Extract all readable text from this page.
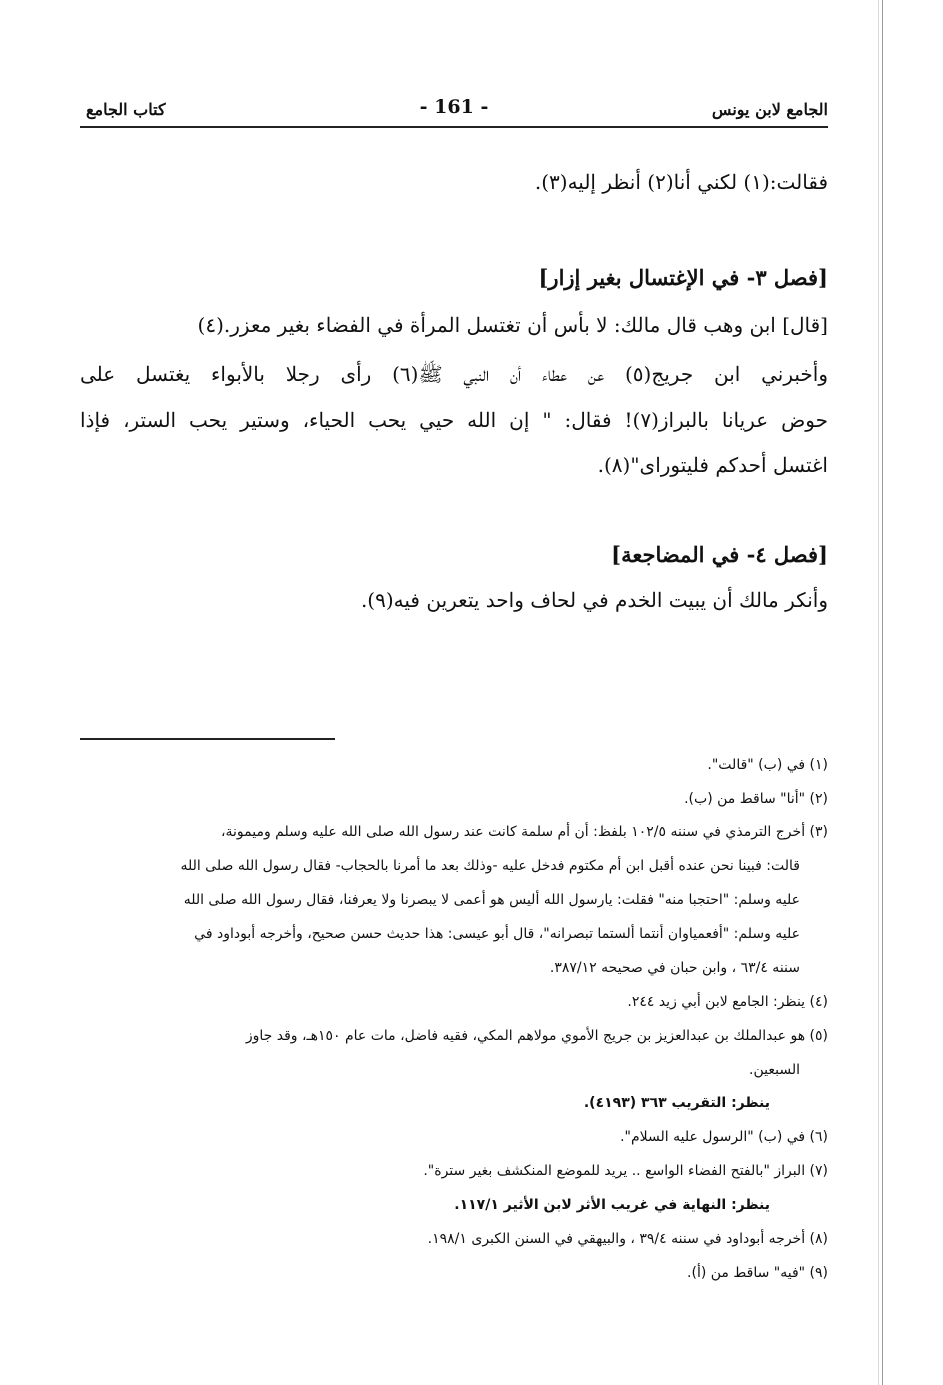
الجامع لابن يونس
- 161 -
كتاب الجامع
فقالت:(١) لكني أنا(٢) أنظر إليه(٣).
[فصل ٣- في الإغتسال بغير إزار]
[قال] ابن وهب قال مالك: لا بأس أن تغتسل المرأة في الفضاء بغير معزر.(٤)
وأخبرني ابن جريج(٥) عن عطاء أن النبي ﷺ(٦) رأى رجلا بالأبواء يغتسل على
حوض عريانا بالبراز(٧)! فقال: " إن الله حيي يحب الحياء، وستير يحب الستر، فإذا
اغتسل أحدكم فليتورای"(٨).
[فصل ٤- في المضاجعة]
وأنكر مالك أن يبيت الخدم في لحاف واحد يتعرين فيه(٩).
(١) في (ب) "قالت".
(٢) "أنا" ساقط من (ب).
(٣) أخرج الترمذي في سننه ١٠٢/٥ بلفظ: أن أم سلمة كانت عند رسول الله صلى الله عليه وسلم وميمونة،
قالت: فبينا نحن عنده أقبل ابن أم مكتوم فدخل عليه -وذلك بعد ما أمرنا بالحجاب- فقال رسول الله صلى الله
عليه وسلم: "احتجبا منه" فقلت: يارسول الله أليس هو أعمى لا يبصرنا ولا يعرفنا، فقال رسول الله صلى الله
عليه وسلم: "أفعمياوان أنتما ألستما تبصرانه"، قال أبو عيسى: هذا حديث حسن صحيح، وأخرجه أبوداود في
سننه ٦٣/٤ ، وابن حبان في صحيحه ٣٨٧/١٢.
(٤) ينظر: الجامع لابن أبي زيد ٢٤٤.
(٥) هو عبدالملك بن عبدالعزيز بن جريج الأموي مولاهم المكي، فقيه فاضل، مات عام ١٥٠هـ، وقد جاوز
السبعين.
ينظر: التقريب ٣٦٣ (٤١٩٣).
(٦) في (ب) "الرسول عليه السلام".
(٧) البراز "بالفتح الفضاء الواسع .. يريد للموضع المنكشف بغير سترة".
ينظر: النهاية في غريب الأثر لابن الأثير ١١٧/١.
(٨) أخرجه أبوداود في سننه ٣٩/٤ ، والبيهقي في السنن الكبرى ١٩٨/١.
(٩) "فيه" ساقط من (أ).
